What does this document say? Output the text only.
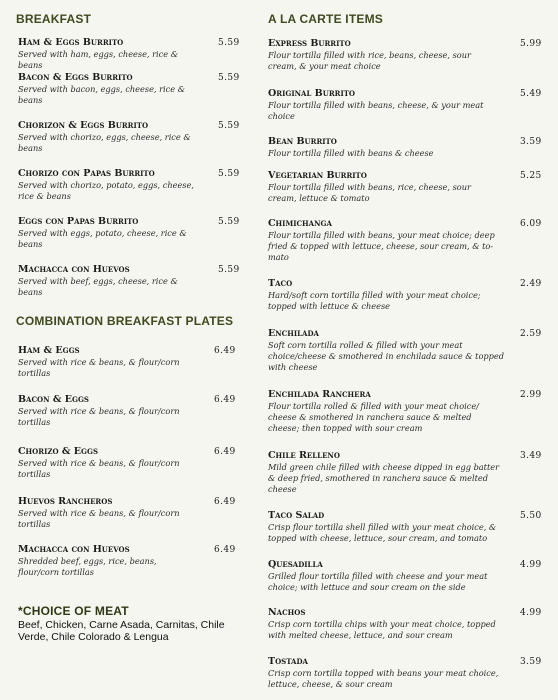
BREAKFAST
Ham & Eggs Burrito
Served with ham, eggs, cheese, rice & beans
5.59
Bacon & Eggs Burrito
Served with bacon, eggs, cheese, rice & beans
5.59
Chorizon & Eggs Burrito
Served with chorizo, eggs, cheese, rice & beans
5.59
Chorizo con Papas Burrito
Served with chorizo, potato, eggs, cheese, rice & beans
5.59
Eggs con Papas Burrito
Served with eggs, potato, cheese, rice & beans
5.59
Machacca con Huevos
Served with beef, eggs, cheese, rice & beans
5.59
COMBINATION BREAKFAST PLATES
Ham & Eggs
Served with rice & beans, & flour/corn tortillas
6.49
Bacon & Eggs
Served with rice & beans, & flour/corn tortillas
6.49
Chorizo & Eggs
Served with rice & beans, & flour/corn tortillas
6.49
Huevos Rancheros
Served with rice & beans, & flour/corn tortillas
6.49
Machacca con Huevos
Shredded beef, eggs, rice, beans, flour/corn tortillas
6.49
*CHOICE OF MEAT
Beef, Chicken, Carne Asada, Carnitas, Chile Verde, Chile Colorado & Lengua
A LA CARTE ITEMS
Express Burrito
Flour tortilla filled with rice, beans, cheese, sour cream, & your meat choice
5.99
Original Burrito
Flour tortilla filled with beans, cheese, & your meat choice
5.49
Bean Burrito
Flour tortilla filled with beans & cheese
3.59
Vegetarian Burrito
Flour tortilla filled with beans, rice, cheese, sour cream, lettuce & tomato
5.25
Chimichanga
Flour tortilla filled with beans, your meat choice; deep fried & topped with lettuce, cheese, sour cream, & to-mato
6.09
Taco
Hard/soft corn tortilla filled with your meat choice; topped with lettuce & cheese
2.49
Enchilada
Soft corn tortilla rolled & filled with your meat choice/cheese & smothered in enchilada sauce & topped with cheese
2.59
Enchilada Ranchera
Flour tortilla rolled & filled with your meat choice/ cheese & smothered in ranchera sauce & melted cheese; then topped with sour cream
2.99
Chile Relleno
Mild green chile filled with cheese dipped in egg batter & deep fried, smothered in ranchera sauce & melted cheese
3.49
Taco Salad
Crisp flour tortilla shell filled with your meat choice, & topped with cheese, lettuce, sour cream, and tomato
5.50
Quesadilla
Grilled flour tortilla filled with cheese and your meat choice; with lettuce and sour cream on the side
4.99
Nachos
Crisp corn tortilla chips with your meat choice, topped with melted cheese, lettuce, and sour cream
4.99
Tostada
Crisp corn tortilla topped with beans your meat choice, lettuce, cheese, & sour cream
3.59
